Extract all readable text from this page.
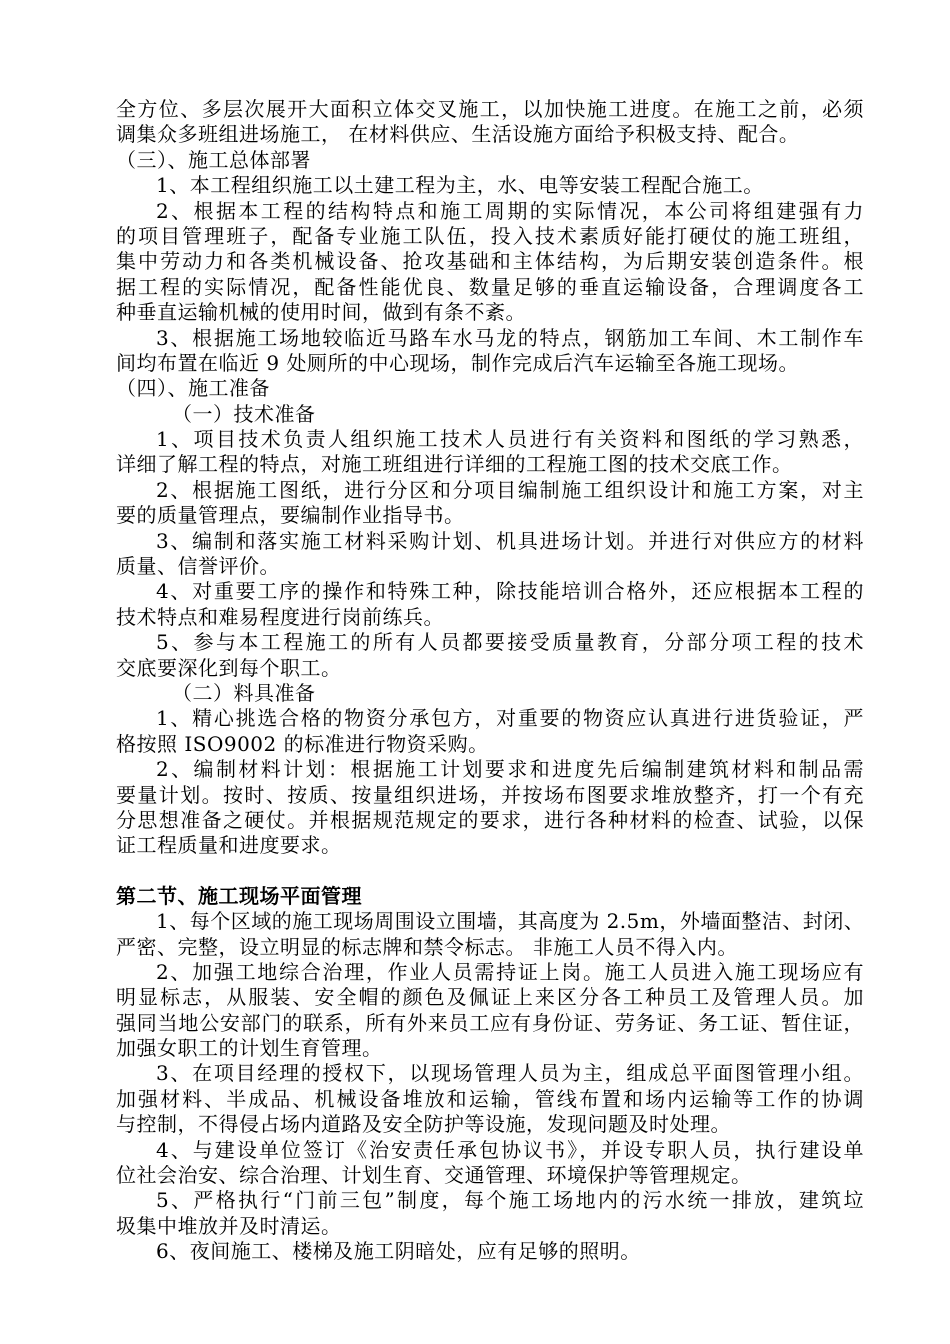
全方位、多层次展开大面积立体交叉施工，以加快施工进度。在施工之前，必须
调集众多班组进场施工， 在材料供应、生活设施方面给予积极支持、配合。
（三）、施工总体部署
1、本工程组织施工以土建工程为主，水、电等安装工程配合施工。
2、根据本工程的结构特点和施工周期的实际情况，本公司将组建强有力
的项目管理班子，配备专业施工队伍，投入技术素质好能打硬仗的施工班组，
集中劳动力和各类机械设备、抢攻基础和主体结构，为后期安装创造条件。根
据工程的实际情况，配备性能优良、数量足够的垂直运输设备，合理调度各工
种垂直运输机械的使用时间，做到有条不紊。
3、根据施工场地较临近马路车水马龙的特点，钢筋加工车间、木工制作车
间均布置在临近 9 处厕所的中心现场，制作完成后汽车运输至各施工现场。
（四）、施工准备
（一）技术准备
1、项目技术负责人组织施工技术人员进行有关资料和图纸的学习熟悉，
详细了解工程的特点，对施工班组进行详细的工程施工图的技术交底工作。
2、根据施工图纸，进行分区和分项目编制施工组织设计和施工方案，对主
要的质量管理点，要编制作业指导书。
3、编制和落实施工材料采购计划、机具进场计划。并进行对供应方的材料
质量、信誉评价。
4、对重要工序的操作和特殊工种，除技能培训合格外，还应根据本工程的
技术特点和难易程度进行岗前练兵。
5、参与本工程施工的所有人员都要接受质量教育，分部分项工程的技术
交底要深化到每个职工。
（二）料具准备
1、精心挑选合格的物资分承包方，对重要的物资应认真进行进货验证，严
格按照 ISO9002 的标准进行物资采购。
2、编制材料计划：根据施工计划要求和进度先后编制建筑材料和制品需
要量计划。按时、按质、按量组织进场，并按场布图要求堆放整齐，打一个有充
分思想准备之硬仗。并根据规范规定的要求，进行各种材料的检查、试验，以保
证工程质量和进度要求。
第二节、施工现场平面管理
1、每个区域的施工现场周围设立围墙，其高度为 2.5m，外墙面整洁、封闭、
严密、完整，设立明显的标志牌和禁令标志。 非施工人员不得入内。
2、加强工地综合治理，作业人员需持证上岗。施工人员进入施工现场应有
明显标志，从服装、安全帽的颜色及佩证上来区分各工种员工及管理人员。加
强同当地公安部门的联系，所有外来员工应有身份证、劳务证、务工证、暂住证，
加强女职工的计划生育管理。
3、在项目经理的授权下，以现场管理人员为主，组成总平面图管理小组。
加强材料、半成品、机械设备堆放和运输，管线布置和场内运输等工作的协调
与控制，不得侵占场内道路及安全防护等设施，发现问题及时处理。
4、与建设单位签订《治安责任承包协议书》，并设专职人员，执行建设单
位社会治安、综合治理、计划生育、交通管理、环境保护等管理规定。
5、严格执行“门前三包”制度，每个施工场地内的污水统一排放，建筑垃
圾集中堆放并及时清运。
6、夜间施工、楼梯及施工阴暗处，应有足够的照明。
